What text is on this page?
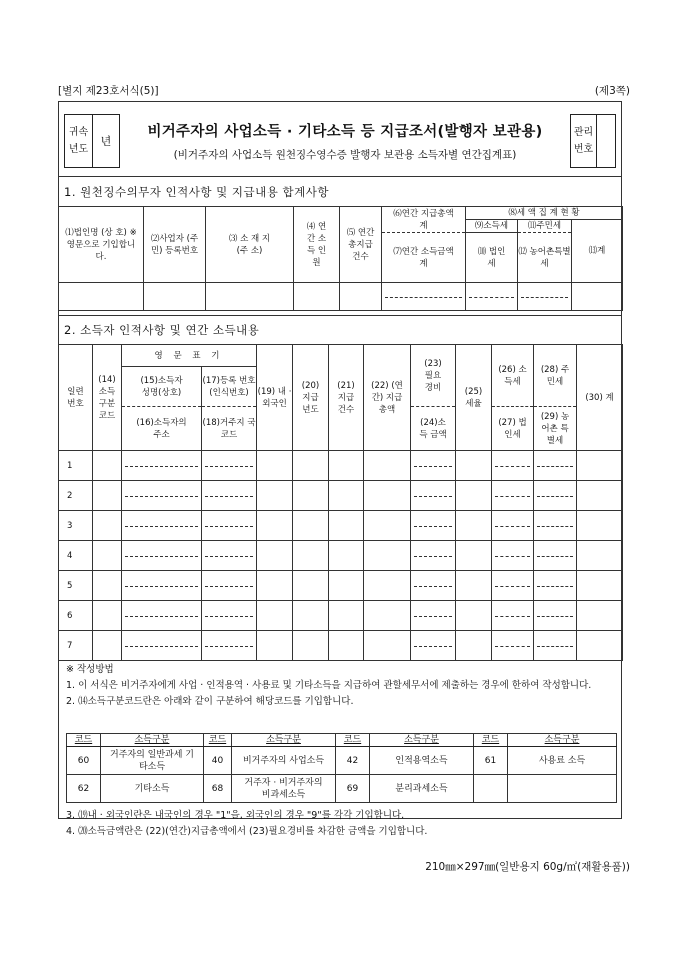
[별지 제23호서식(5)]	(제3쪽)
귀속 년도
년
비거주자의 사업소득 · 기타소득 등 지급조서(발행자 보관용)
(비거주자의 사업소득 원천징수영수증 발행자 보관용 소득자별 연간집계표)
관리 번호
1. 원천징수의무자 인적사항 및 지급내용 합계사항
⑴법인명 (상 호) ※영문으로 기입합니다.	⑵사업자 (주민) 등록번호	⑶ 소 재 지 (주 소)	⑷ 연간 소득 인원	⑸ 연간 총지급 건수	⑹연간 지급총액 계	⑻세 액 집 계 현 황		
						⑼소득세	⑾주민세	⒀계
					⑺연간 소득금액 계	⑽ 법인세	⑿ 농어촌특별세	

2. 소득자 인적사항 및 연간 소득내용
일련 번호	(14) 소득 구분 코드	영 문 표 기		(19) 내 · 외국인	(20) 지급 년도	(21) 지급 건수	(22) (연간) 지급 총액	(23) 필요 경비	(25) 세율	(26) 소득세	(28) 주민세	(30) 계
		(15)소득자 성명(상호)	(17)등록 번호 (인식번호)									
		(16)소득자의 주소	(18)거주지 국 코드					(24)소득 금액		(27) 법인세	(29) 농어촌 특별세	
1												
2												
3												
4												
5												
6												
7												
※ 작성방법
1. 이 서식은 비거주자에게 사업 · 인적용역 · 사용료 및 기타소득을 지급하여 관할세무서에 제출하는 경우에 한하여 작성합니다.
2. ⒁소득구분코드란은 아래와 같이 구분하여 해당코드를 기입합니다.
코드	소득구분	코드	소득구분	코드	소득구분	코드	소득구분
60	거주자의 일반과세 기타소득	40	비거주자의 사업소득	42	인적용역소득	61	사용료 소득
62	기타소득	68	거주자 · 비거주자의 비과세소득	69	분리과세소득		
3. ⒆내 · 외국인란은 내국인의 경우 "1"을, 외국인의 경우 "9"를 각각 기입합니다.
4. ⒇소득금액란은 (22)(연간)지급총액에서 (23)필요경비를 차감한 금액을 기입합니다.
210㎜×297㎜(일반용지 60g/㎡(재활용품))
